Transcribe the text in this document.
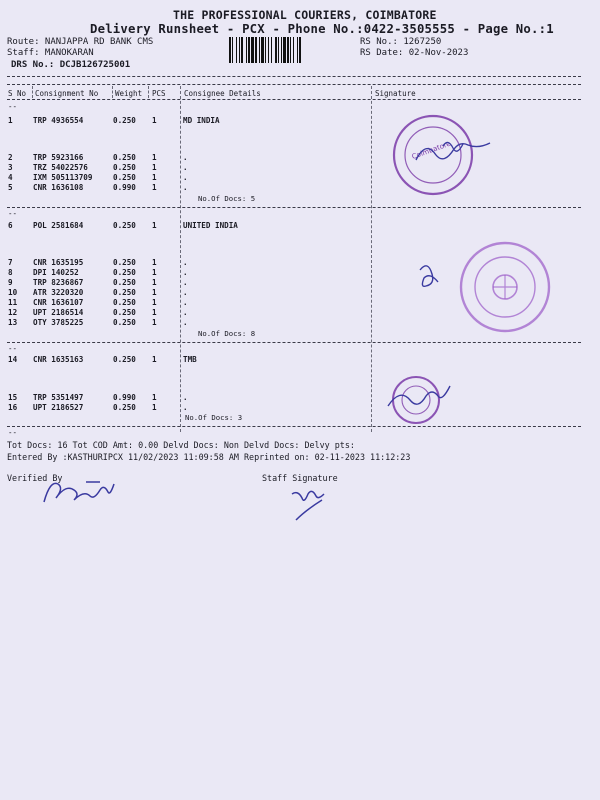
THE PROFESSIONAL COURIERS, COIMBATORE
Delivery Runsheet - PCX - Phone No.:0422-3505555 - Page No.:1
Route: NANJAPPA RD BANK CMS
Staff: MANOKARAN
DRS No.: DCJB126725001
RS No.: 1267250
RS Date: 02-Nov-2023
S No Consignment No Weight PCS Consignee Details	Signature
--
1	TRP 4936554	0.250 1	MD INDIA
2	TRP 5923166	0.250 1	.
3	TRZ 54022576	0.250 1	.
4	IXM 505113709	0.250 1	.
5	CNR 1636108	0.990 1	.
No.Of Docs: 5
--
6	POL 2581684	0.250 1	UNITED INDIA
7	CNR 1635195	0.250 1	.
8	DPI 140252	0.250 1	.
9	TRP 8236867	0.250 1	.
10 ATR 3220320	0.250 1	.
11 CNR 1636107	0.250 1	.
12 UPT 2186514	0.250 1	.
13 OTY 3785225	0.250 1	.
No.Of Docs: 8
--
14 CNR 1635163	0.250 1	TMB
15 TRP 5351497	0.990 1	.
16 UPT 2186527	0.250 1	.
No.Of Docs: 3
--
Tot Docs: 16 Tot COD Amt: 0.00 Delvd Docs: Non Delvd Docs: Delvy pts:
Entered By :KASTHURIPCX 11/02/2023 11:09:58 AM Reprinted on: 02-11-2023 11:12:23
Verified By	Staff Signature
Coimbatore
